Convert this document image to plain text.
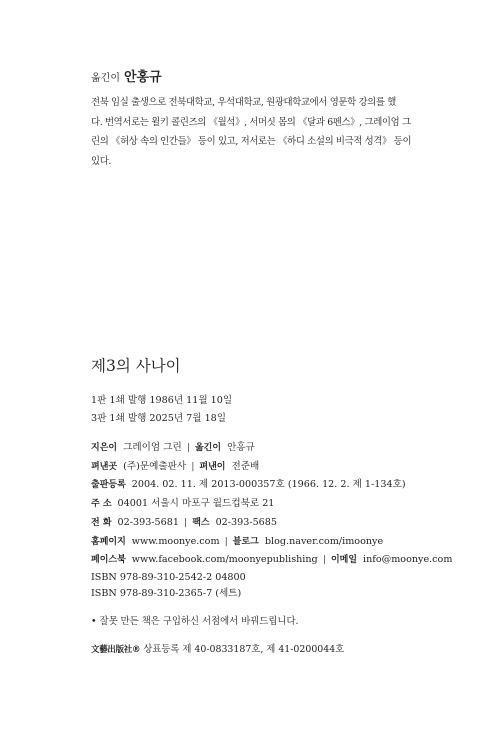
옮긴이 안홍규
전북 임실 출생으로 전북대학교, 우석대학교, 원광대학교에서 영문학 강의를 했
다. 번역서로는 윌키 콜린즈의 《월석》, 서머싯 몸의 《달과 6펜스》, 그레이엄 그
린의 《허상 속의 인간들》 등이 있고, 저서로는 《하디 소설의 비극적 성격》 등이
있다.
제3의 사나이
1판 1쇄 발행 1986년 11월 10일
3판 1쇄 발행 2025년 7월 18일
지은이 그레이엄 그린 | 옮긴이 안홍규
펴낸곳 (주)문예출판사 | 펴낸이 전준배
출판등록 2004. 02. 11. 제 2013-000357호 (1966. 12. 2. 제 1-134호)
주 소 04001 서울시 마포구 월드컵북로 21
전 화 02-393-5681 | 팩스 02-393-5685
홈페이지 www.moonye.com | 블로그 blog.naver.com/imoonye
페이스북 www.facebook.com/moonyepublishing | 이메일 info@moonye.com
ISBN 978-89-310-2542-2 04800
ISBN 978-89-310-2365-7 (세트)
• 잘못 만든 책은 구입하신 서점에서 바꿔드립니다.
文藝出版社® 상표등록 제 40-0833187호, 제 41-0200044호
